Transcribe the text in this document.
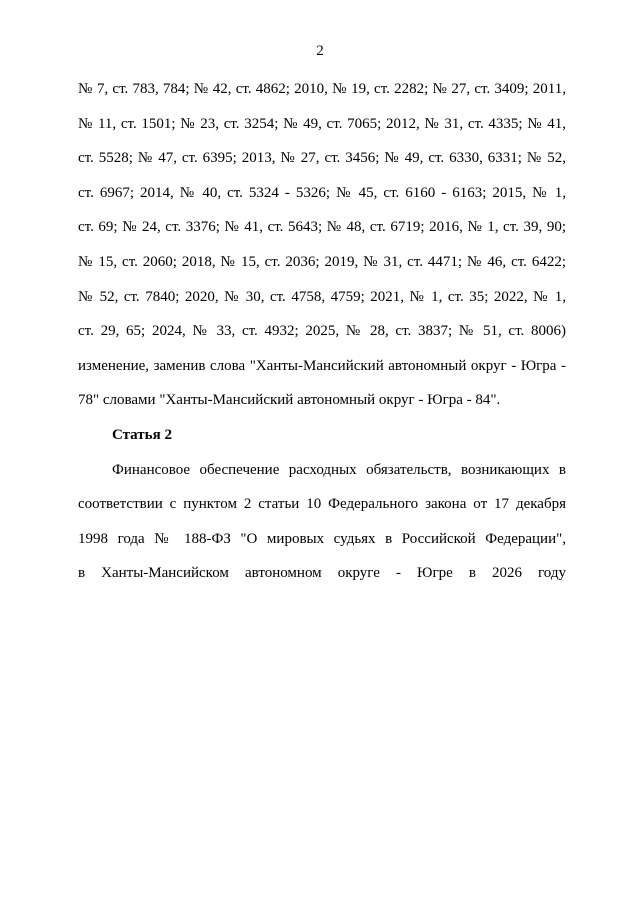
2
№ 7, ст. 783, 784; № 42, ст. 4862; 2010, № 19, ст. 2282; № 27, ст. 3409; 2011,
№ 11, ст. 1501; № 23, ст. 3254; № 49, ст. 7065; 2012, № 31, ст. 4335; № 41,
ст. 5528; № 47, ст. 6395; 2013, № 27, ст. 3456; № 49, ст. 6330, 6331; № 52,
ст. 6967; 2014, № 40, ст. 5324 - 5326; № 45, ст. 6160 - 6163; 2015, № 1,
ст. 69; № 24, ст. 3376; № 41, ст. 5643; № 48, ст. 6719; 2016, № 1, ст. 39, 90;
№ 15, ст. 2060; 2018, № 15, ст. 2036; 2019, № 31, ст. 4471; № 46, ст. 6422;
№ 52, ст. 7840; 2020, № 30, ст. 4758, 4759; 2021, № 1, ст. 35; 2022, № 1,
ст. 29, 65; 2024, № 33, ст. 4932; 2025, № 28, ст. 3837; № 51, ст. 8006)
изменение, заменив слова "Ханты-Мансийский автономный округ - Югра -
78" словами "Ханты-Мансийский автономный округ - Югра - 84".
Статья 2
Финансовое обеспечение расходных обязательств, возникающих в
соответствии с пунктом 2 статьи 10 Федерального закона от 17 декабря
1998 года № 188-ФЗ "О мировых судьях в Российской Федерации",
в Ханты-Мансийском автономном округе - Югре в 2026 году
